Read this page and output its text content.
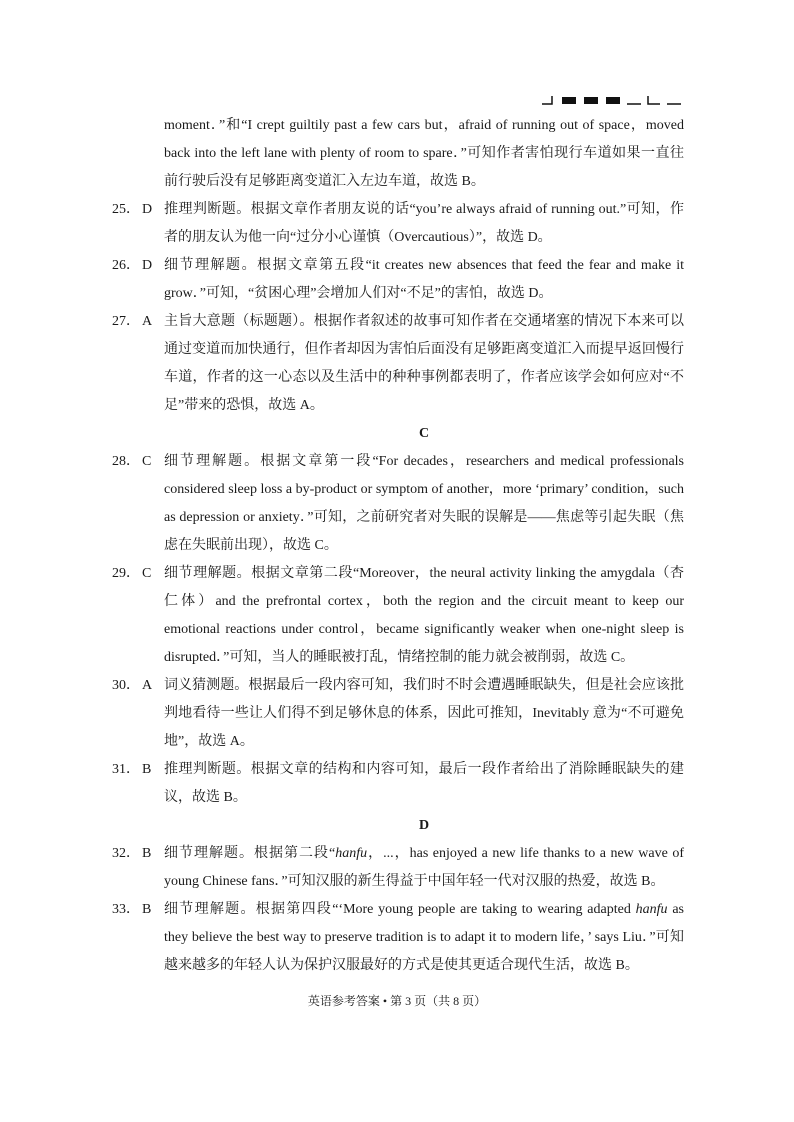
moment．”和“I crept guiltily past a few cars but，afraid of running out of space，moved back into the left lane with plenty of room to spare．”可知作者害怕现行车道如果一直往前行驶后没有足够距离变道汇入左边车道，故选 B。
25． D 推理判断题。根据文章作者朋友说的话“you’re always afraid of running out.”可知，作者的朋友认为他一向“过分小心谨慎（Overcautious）”，故选 D。
26． D 细节理解题。根据文章第五段“it creates new absences that feed the fear and make it grow．”可知，“贫困心理”会增加人们对“不足”的害怕，故选 D。
27． A 主旨大意题（标题题）。根据作者叙述的故事可知作者在交通堵塞的情况下本来可以通过变道而加快通行，但作者却因为害怕后面没有足够距离变道汇入而提早返回慢行车道，作者的这一心态以及生活中的种种事例都表明了，作者应该学会如何应对“不足”带来的恐惧，故选 A。
C
28． C 细节理解题。根据文章第一段“For decades，researchers and medical professionals considered sleep loss a by-product or symptom of another，more ‘primary’ condition，such as depression or anxiety．”可知，之前研究者对失眠的误解是——焦虑等引起失眠（焦虑在失眠前出现），故选 C。
29． C 细节理解题。根据文章第二段“Moreover，the neural activity linking the amygdala（杏仁体）and the prefrontal cortex，both the region and the circuit meant to keep our emotional reactions under control，became significantly weaker when one-night sleep is disrupted．”可知，当人的睡眠被打乱，情绪控制的能力就会被削弱，故选 C。
30． A 词义猜测题。根据最后一段内容可知，我们时不时会遭遇睡眠缺失，但是社会应该批判地看待一些让人们得不到足够休息的体系，因此可推知，Inevitably 意为“不可避免地”，故选 A。
31． B 推理判断题。根据文章的结构和内容可知，最后一段作者给出了消除睡眠缺失的建议，故选 B。
D
32． B 细节理解题。根据第二段“hanfu，...，has enjoyed a new life thanks to a new wave of young Chinese fans．”可知汉服的新生得益于中国年轻一代对汉服的热爱，故选 B。
33． B 细节理解题。根据第四段“‘More young people are taking to wearing adapted hanfu as they believe the best way to preserve tradition is to adapt it to modern life，’ says Liu．”可知越来越多的年轻人认为保护汉服最好的方式是使其更适合现代生活，故选 B。
英语参考答案 • 第 3 页（共 8 页）
